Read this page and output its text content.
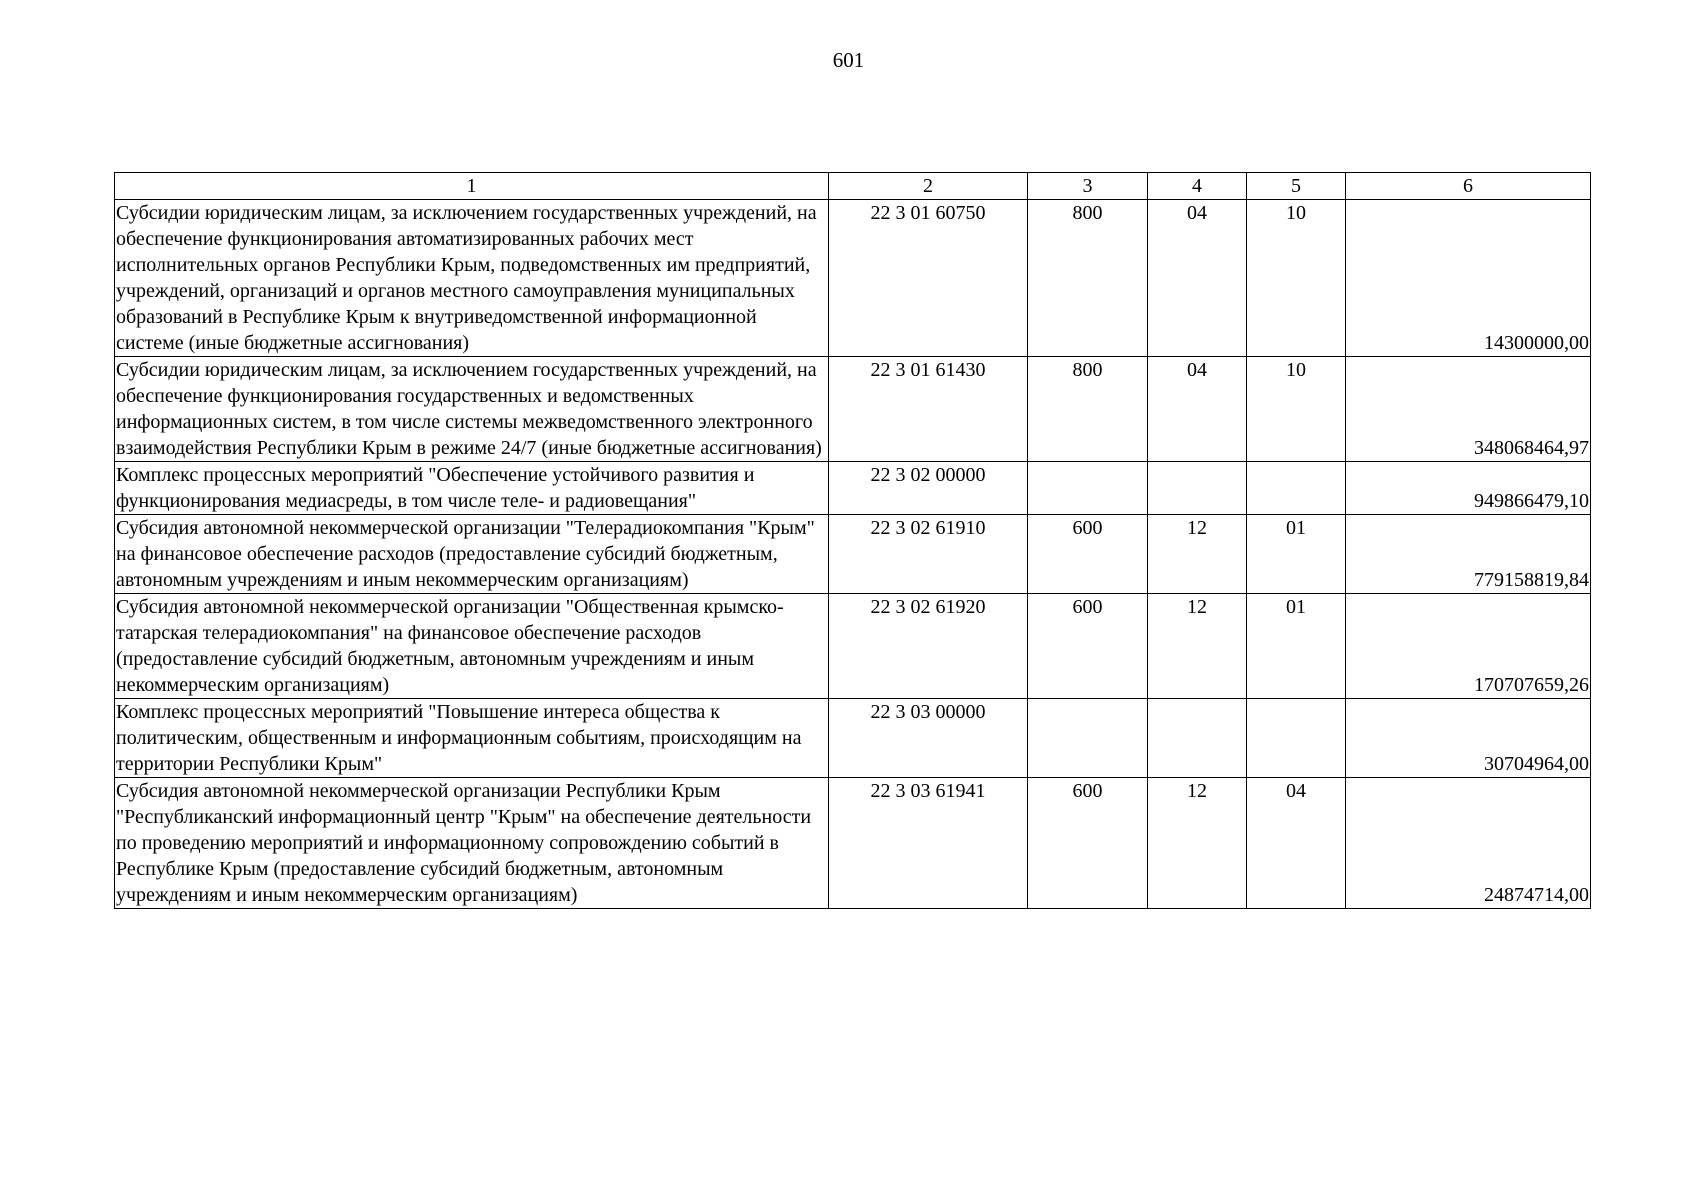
601
1	2	3	4	5	6
Субсидии юридическим лицам, за исключением государственных учреждений, на обеспечение функционирования автоматизированных рабочих мест исполнительных органов Республики Крым, подведомственных им предприятий, учреждений, организаций и органов местного самоуправления муниципальных образований в Республике Крым к внутриведомственной информационной системе (иные бюджетные ассигнования)	22 3 01 60750	800	04	10	14300000,00
Субсидии юридическим лицам, за исключением государственных учреждений, на обеспечение функционирования государственных и ведомственных информационных систем, в том числе системы межведомственного электронного взаимодействия Республики Крым в режиме 24/7 (иные бюджетные ассигнования)	22 3 01 61430	800	04	10	348068464,97
Комплекс процессных мероприятий "Обеспечение устойчивого развития и функционирования медиасреды, в том числе теле- и радиовещания"	22 3 02 00000				949866479,10
Субсидия автономной некоммерческой организации "Телерадиокомпания "Крым" на финансовое обеспечение расходов (предоставление субсидий бюджетным, автономным учреждениям и иным некоммерческим организациям)	22 3 02 61910	600	12	01	779158819,84
Субсидия автономной некоммерческой организации "Общественная крымско-татарская телерадиокомпания" на финансовое обеспечение расходов (предоставление субсидий бюджетным, автономным учреждениям и иным некоммерческим организациям)	22 3 02 61920	600	12	01	170707659,26
Комплекс процессных мероприятий "Повышение интереса общества к политическим, общественным и информационным событиям, происходящим на территории Республики Крым"	22 3 03 00000				30704964,00
Субсидия автономной некоммерческой организации Республики Крым "Республиканский информационный центр "Крым" на обеспечение деятельности по проведению мероприятий и информационному сопровождению событий в Республике Крым (предоставление субсидий бюджетным, автономным учреждениям и иным некоммерческим организациям)	22 3 03 61941	600	12	04	24874714,00
